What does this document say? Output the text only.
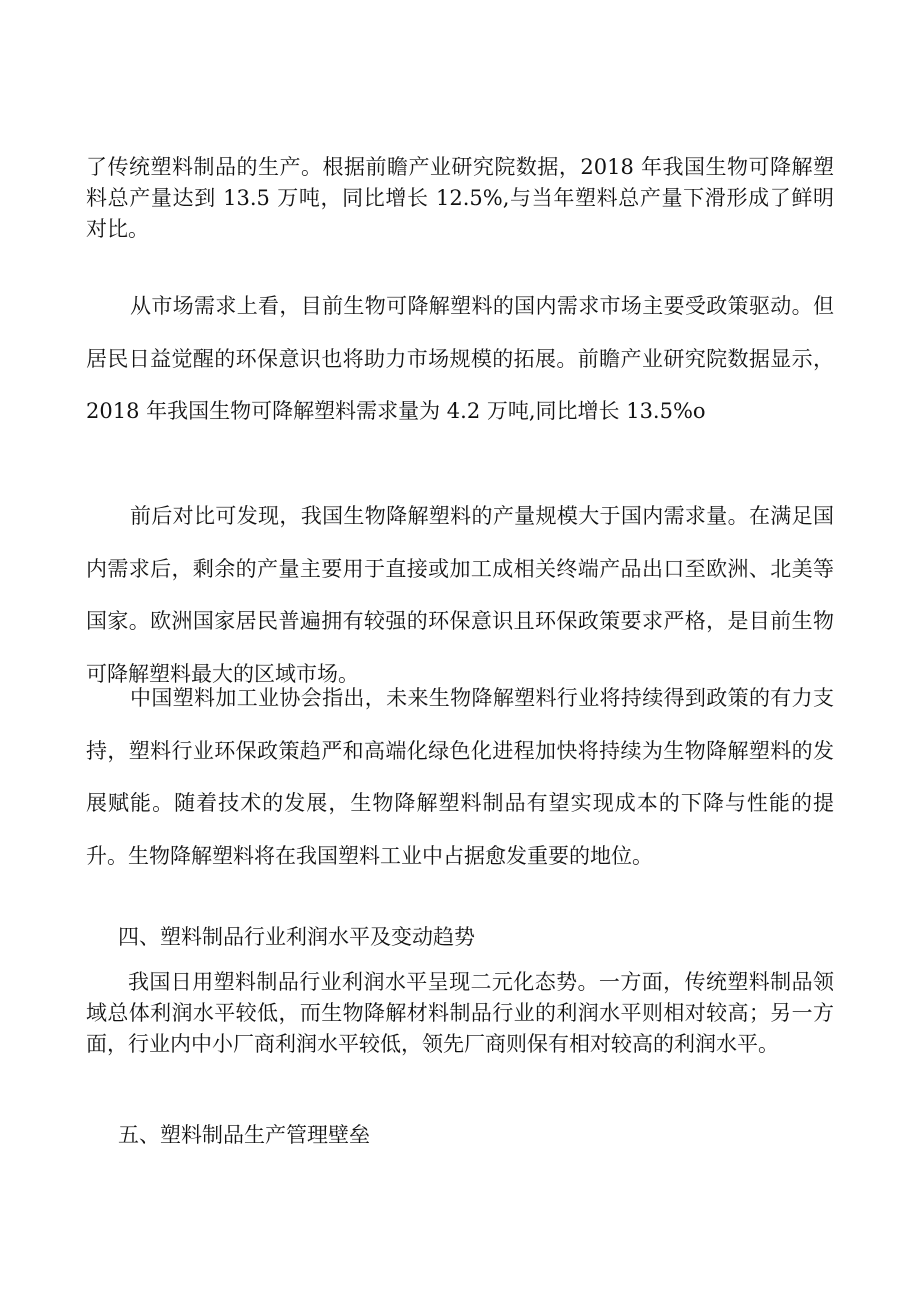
了传统塑料制品的生产。根据前瞻产业研究院数据，2018 年我国生物可降解塑料总产量达到 13.5 万吨，同比增长 12.5%,与当年塑料总产量下滑形成了鲜明对比。

从市场需求上看，目前生物可降解塑料的国内需求市场主要受政策驱动。但居民日益觉醒的环保意识也将助力市场规模的拓展。前瞻产业研究院数据显示，2018 年我国生物可降解塑料需求量为 4.2 万吨,同比增长 13.5%o

前后对比可发现，我国生物降解塑料的产量规模大于国内需求量。在满足国内需求后，剩余的产量主要用于直接或加工成相关终端产品出口至欧洲、北美等国家。欧洲国家居民普遍拥有较强的环保意识且环保政策要求严格，是目前生物可降解塑料最大的区域市场。

中国塑料加工业协会指出，未来生物降解塑料行业将持续得到政策的有力支持，塑料行业环保政策趋严和高端化绿色化进程加快将持续为生物降解塑料的发展赋能。随着技术的发展，生物降解塑料制品有望实现成本的下降与性能的提升。生物降解塑料将在我国塑料工业中占据愈发重要的地位。

四、塑料制品行业利润水平及变动趋势

我国日用塑料制品行业利润水平呈现二元化态势。一方面，传统塑料制品领域总体利润水平较低，而生物降解材料制品行业的利润水平则相对较高；另一方面，行业内中小厂商利润水平较低，领先厂商则保有相对较高的利润水平。

五、塑料制品生产管理壁垒
